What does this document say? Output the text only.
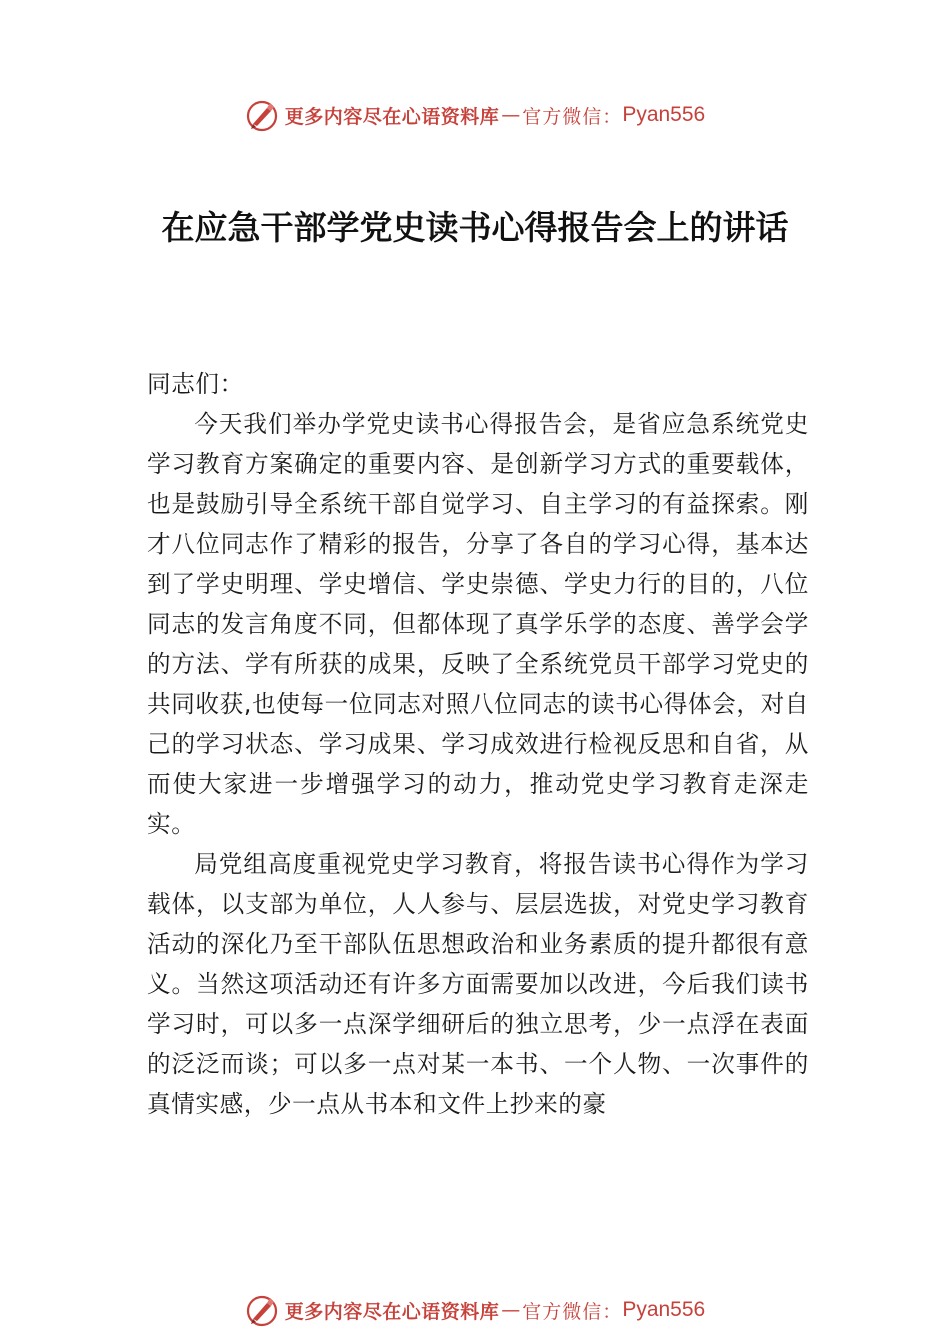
更多内容尽在心语资料库 — 官方微信： Pyan556
在应急干部学党史读书心得报告会上的讲话

同志们：

今天我们举办学党史读书心得报告会，是省应急系统党史学习教育方案确定的重要内容、是创新学习方式的重要载体，也是鼓励引导全系统干部自觉学习、自主学习的有益探索。刚才八位同志作了精彩的报告，分享了各自的学习心得，基本达到了学史明理、学史增信、学史崇德、学史力行的目的，八位同志的发言角度不同，但都体现了真学乐学的态度、善学会学的方法、学有所获的成果，反映了全系统党员干部学习党史的共同收获,也使每一位同志对照八位同志的读书心得体会，对自己的学习状态、学习成果、学习成效进行检视反思和自省，从而使大家进一步增强学习的动力，推动党史学习教育走深走实。

局党组高度重视党史学习教育，将报告读书心得作为学习载体，以支部为单位，人人参与、层层选拔，对党史学习教育活动的深化乃至干部队伍思想政治和业务素质的提升都很有意义。当然这项活动还有许多方面需要加以改进，今后我们读书学习时，可以多一点深学细研后的独立思考，少一点浮在表面的泛泛而谈；可以多一点对某一本书、一个人物、一次事件的真情实感，少一点从书本和文件上抄来的豪

更多内容尽在心语资料库 — 官方微信： Pyan556
